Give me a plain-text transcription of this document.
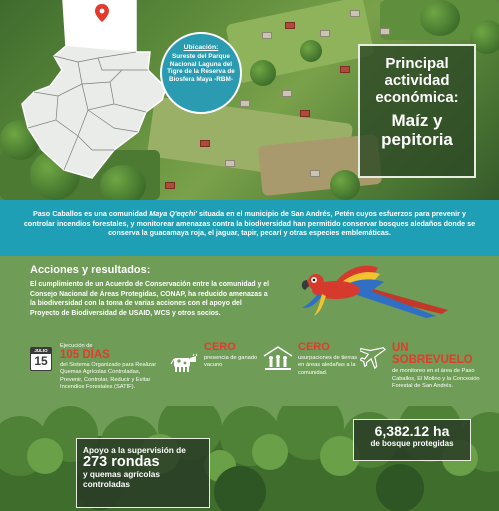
Ubicación:
Sureste del Parque Nacional Laguna del Tigre de la Reserva de Biosfera Maya -RBM-
Principal actividad económica:
Maíz y pepitoria
Paso Caballos es una comunidad Maya Q'eqchi' situada en el municipio de San Andrés, Petén cuyos esfuerzos para prevenir y controlar incendios forestales, y monitorear amenazas contra la biodiversidad han permitido conservar bosques aledaños donde se conserva la guacamaya roja, el jaguar, tapir, pecarí y otras especies emblemáticas.
Acciones y resultados:
El cumplimiento de un Acuerdo de Conservación entre la comunidad y el Consejo Nacional de Áreas Protegidas, CONAP, ha reducido amenazas a la biodiversidad con la toma de varias acciones con el apoyo del Proyecto de Biodiversidad de USAID, WCS y otros socios.
JULIO
15
Ejecución de
105 DÍAS
del Sistema Organizado para Realizar Quemas Agrícolas Controladas, Prevenir, Controlar, Reducir y Evitar Incendios Forestales (SATIF).
CERO
presencia de ganado vacuno
CERO
usurpaciones de tierras en áreas aledañas a la comunidad.
UN SOBREVUELO
de monitoreo en el área de Paso Caballos, El Molino y la Concesión Forestal de San Andrés.
Apoyo a la supervisión de
273 rondas
y quemas agrícolas controladas
6,382.12 ha
de bosque protegidas
